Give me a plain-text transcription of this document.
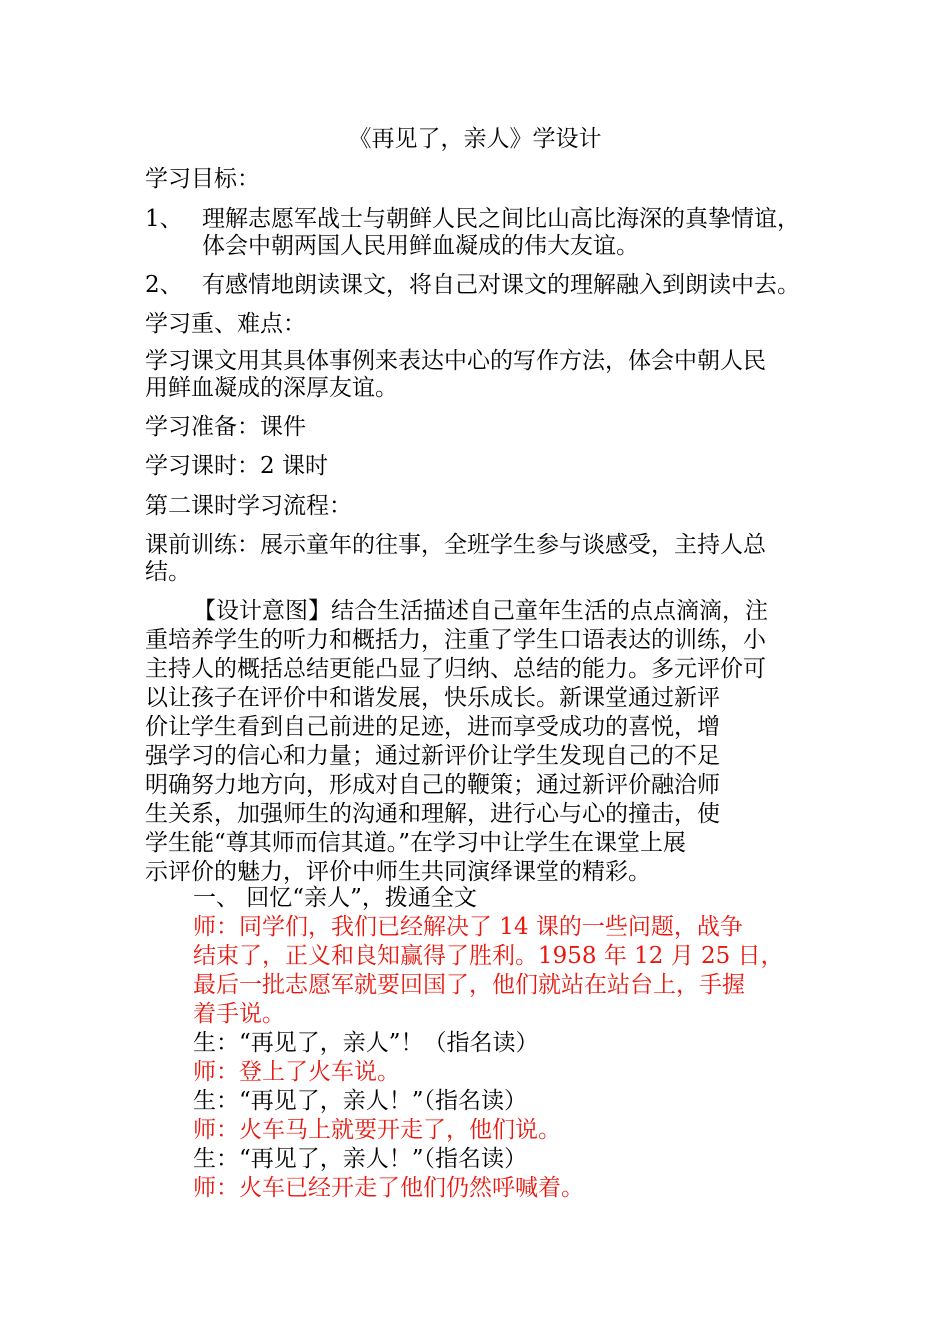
《再见了，亲人》学设计
学习目标：
1、 理解志愿军战士与朝鲜人民之间比山高比海深的真挚情谊，
体会中朝两国人民用鲜血凝成的伟大友谊。
2、 有感情地朗读课文，将自己对课文的理解融入到朗读中去。
学习重、难点：
学习课文用其具体事例来表达中心的写作方法，体会中朝人民
用鲜血凝成的深厚友谊。
学习准备：课件
学习课时：2 课时
第二课时学习流程：
课前训练：展示童年的往事，全班学生参与谈感受，主持人总
结。
【设计意图】结合生活描述自己童年生活的点点滴滴，注
重培养学生的听力和概括力，注重了学生口语表达的训练，小
主持人的概括总结更能凸显了归纳、总结的能力。多元评价可
以让孩子在评价中和谐发展，快乐成长。新课堂通过新评
价让学生看到自己前进的足迹，进而享受成功的喜悦，增
强学习的信心和力量；通过新评价让学生发现自己的不足
明确努力地方向，形成对自己的鞭策；通过新评价融洽师
生关系，加强师生的沟通和理解，进行心与心的撞击，使
学生能“尊其师而信其道。”在学习中让学生在课堂上展
示评价的魅力，评价中师生共同演绎课堂的精彩。
一、 回忆“亲人”，拨通全文
师：同学们，我们已经解决了 14 课的一些问题，战争
结束了，正义和良知赢得了胜利。1958 年 12 月 25 日，
最后一批志愿军就要回国了，他们就站在站台上，手握
着手说。
生：“再见了，亲人”！（指名读）
师：登上了火车说。
生：“再见了，亲人！”（指名读）
师：火车马上就要开走了，他们说。
生：“再见了，亲人！”（指名读）
师：火车已经开走了他们仍然呼喊着。
